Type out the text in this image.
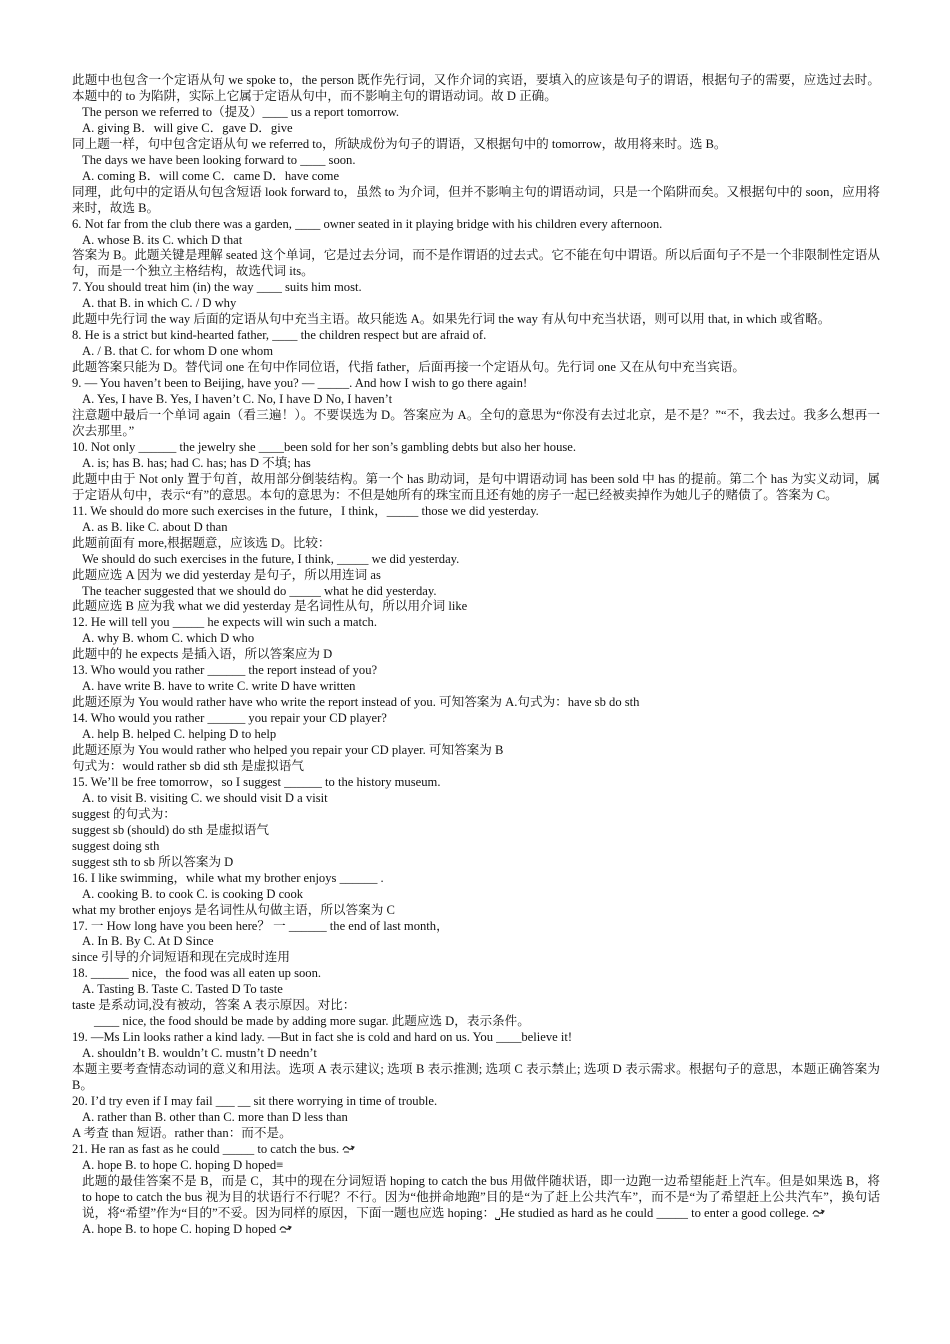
此题中也包含一个定语从句 we spoke to，the person 既作先行词，又作介词的宾语，要填入的应该是句子的谓语，根据句子的需要，应选过去时。本题中的 to 为陷阱，实际上它属于定语从句中，而不影响主句的谓语动词。故 D 正确。
The person we referred to（提及）____ us a report tomorrow.
A. giving B．will give C．gave D．give
同上题一样，句中包含定语从句 we referred to，所缺成份为句子的谓语，又根据句中的 tomorrow，故用将来时。选 B。
The days we have been looking forward to ____ soon.
A. coming B．will come C．came D．have come
同理，此句中的定语从句包含短语 look forward to，虽然 to 为介词，但并不影响主句的谓语动词，只是一个陷阱而矣。又根据句中的 soon，应用将来时，故选 B。
6. Not far from the club there was a garden, ____ owner seated in it playing bridge with his children every afternoon.
A. whose B. its C. which D that
答案为 B。此题关键是理解 seated 这个单词，它是过去分词，而不是作谓语的过去式。它不能在句中谓语。所以后面句子不是一个非限制性定语从句，而是一个独立主格结构，故选代词 its。
7. You should treat him (in) the way ____ suits him most.
A. that B. in which C. / D why
此题中先行词 the way 后面的定语从句中充当主语。故只能选 A。如果先行词 the way 有从句中充当状语，则可以用 that, in which 或省略。
8. He is a strict but kind-hearted father, ____ the children respect but are afraid of.
A. / B. that C. for whom D one whom
此题答案只能为 D。替代词 one 在句中作同位语，代指 father，后面再接一个定语从句。先行词 one 又在从句中充当宾语。
9. — You haven’t been to Beijing, have you? — _____. And how I wish to go there again!
A. Yes, I have B. Yes, I haven’t C. No, I have D No, I haven’t
注意题中最后一个单词 again（看三遍！）。不要误选为 D。答案应为 A。全句的意思为“你没有去过北京，是不是？”“不，我去过。我多么想再一次去那里。”
10. Not only ______ the jewelry she ____been sold for her son’s gambling debts but also her house.
A. is; has B. has; had C. has; has D 不填; has
此题中由于 Not only 置于句首，故用部分倒装结构。第一个 has 助动词，是句中谓语动词 has been sold 中 has 的提前。第二个 has 为实义动词，属于定语从句中，表示“有”的意思。本句的意思为：不但是她所有的珠宝而且还有她的房子一起已经被卖掉作为她儿子的赌债了。答案为 C。
11. We should do more such exercises in the future，I think，_____ those we did yesterday.
A. as B. like C. about D than
此题前面有 more,根据题意，应该选 D。比较：
We should do such exercises in the future, I think, _____ we did yesterday.
此题应选 A 因为 we did yesterday 是句子，所以用连词 as
The teacher suggested that we should do _____ what he did yesterday.
此题应选 B 应为我 what we did yesterday 是名词性从句，所以用介词 like
12. He will tell you _____ he expects will win such a match.
A. why B. whom C. which D who
此题中的 he expects 是插入语，所以答案应为 D
13. Who would you rather ______ the report instead of you?
A. have write B. have to write C. write D have written
此题还原为 You would rather have who write the report instead of you. 可知答案为 A.句式为：have sb do sth
14. Who would you rather ______ you repair your CD player?
A. help B. helped C. helping D to help
此题还原为 You would rather who helped you repair your CD player. 可知答案为 B
句式为：would rather sb did sth 是虚拟语气
15. We’ll be free tomorrow，so I suggest ______ to the history museum.
A. to visit B. visiting C. we should visit D a visit
suggest 的句式为：
suggest sb (should) do sth 是虚拟语气
suggest doing sth
suggest sth to sb 所以答案为 D
16. I like swimming，while what my brother enjoys ______ .
A. cooking B. to cook C. is cooking D cook
what my brother enjoys 是名词性从句做主语，所以答案为 C
17. 一 How long have you been here？ 一 ______ the end of last month，
A. In B. By C. At D Since
since 引导的介词短语和现在完成时连用
18. ______ nice，the food was all eaten up soon.
A. Tasting B. Taste C. Tasted D To taste
taste 是系动词,没有被动，答案 A 表示原因。对比：
____ nice, the food should be made by adding more sugar. 此题应选 D，表示条件。
19. —Ms Lin looks rather a kind lady. —But in fact she is cold and hard on us. You ____believe it!
A. shouldn’t B. wouldn’t C. mustn’t D needn’t
本题主要考查情态动词的意义和用法。选项 A 表示建议; 选项 B 表示推测; 选项 C 表示禁止; 选项 D 表示需求。根据句子的意思，本题正确答案为 B。
20. I’d try even if I may fail ___ __ sit there worrying in time of trouble.
A. rather than B. other than C. more than D less than
A 考查 than 短语。rather than：而不是。
21. He ran as fast as he could _____ to catch the bus.
A. hope B. to hope C. hoping D hoped≡
此题的最佳答案不是 B，而是 C，其中的现在分词短语 hoping to catch the bus 用做伴随状语，即一边跑一边希望能赶上汽车。但是如果选 B，将 to hope to catch the bus 视为目的状语行不行呢？不行。因为“他拼命地跑”目的是“为了赶上公共汽车”，而不是“为了希望赶上公共汽车”，换句话说，将“希望”作为“目的”不妥。因为同样的原因，下面一题也应选 hoping：⎵He studied as hard as he could _____ to enter a good college.
A. hope B. to hope C. hoping D hoped
